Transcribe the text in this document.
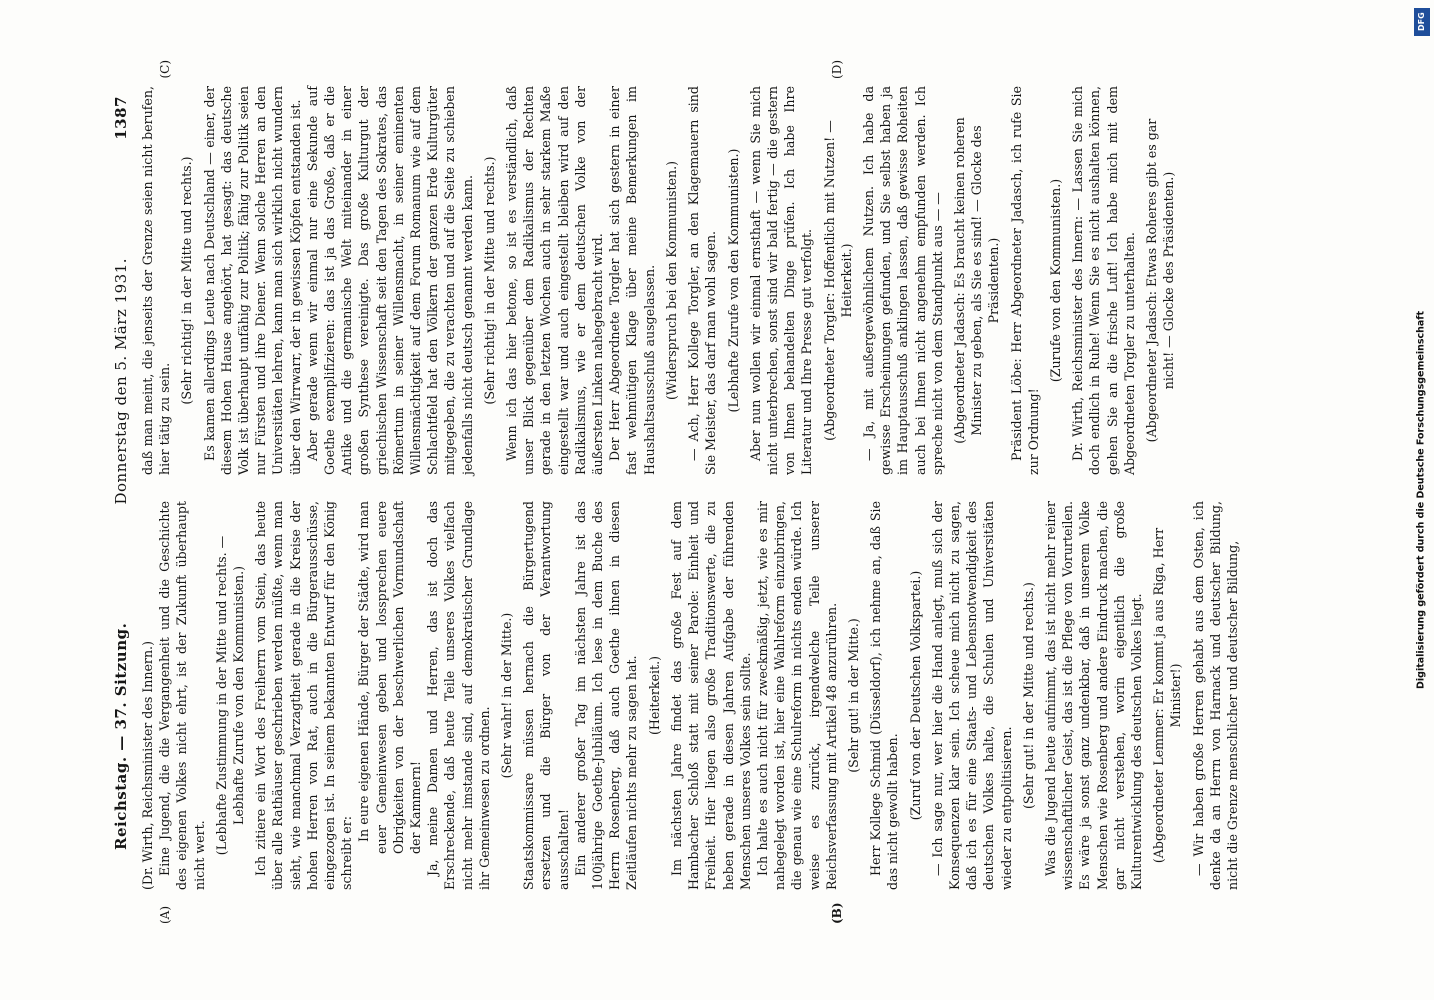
Reichstag. — 37. Sitzung.
Donnerstag den 5. März 1931.
1387
(A)	(B)

(Dr. Wirth, Reichsminister des Innern.) Eine Jugend, die die Vergangenheit und die Geschichte des eigenen Volkes nicht ehrt, ist der Zukunft überhaupt nicht wert. (Lebhafte Zustimmung in der Mitte und rechts. — Lebhafte Zurufe von den Kommunisten.) Ich zitiere ein Wort des Freiherrn vom Stein, das heute über alle Rathäuser geschrieben werden müßte, wenn man sieht, wie manchmal Verzagtheit gerade in die Kreise der hohen Herren von Rat, auch in die Bürgerausschüsse, eingezogen ist. In seinem bekannten Entwurf für den König schreibt er:

In eure eigenen Hände, Bürger der Städte, wird man euer Gemeinwesen geben und lossprechen euere Obrigkeiten von der beschwerlichen Vormundschaft der Kammern! Ja, meine Damen und Herren, das ist doch das Erschreckende, daß heute Teile unseres Volkes vielfach nicht mehr imstande sind, auf demokratischer Grundlage ihr Gemeinwesen zu ordnen.

(Sehr wahr! in der Mitte.) Staatskommissare müssen hernach die Bürgertugend ersetzen und die Bürger von der Verantwortung ausschalten! Ein anderer großer Tag im nächsten Jahre ist das 100jährige Goethe-Jubiläum. Ich lese in dem Buche des Herrn Rosenberg, daß auch Goethe ihnen in diesen Zeitläufen nichts mehr zu sagen hat. (Heiterkeit.) Im nächsten Jahre findet das große Fest auf dem Hambacher Schloß statt mit seiner Parole: Einheit und Freiheit. Hier liegen also große Traditionswerte, die zu heben gerade in diesen Jahren Aufgabe der führenden Menschen unseres Volkes sein sollte. Ich halte es auch nicht für zweckmäßig, jetzt, wie es mir nahegelegt worden ist, hier eine Wahlreform einzubringen, die genau wie eine Schulreform in nichts enden würde. Ich weise es zurück, irgendwelche Teile unserer Reichsverfassung mit Artikel 48 anzurühren. (Sehr gut! in der Mitte.) Herr Kollege Schmid (Düsseldorf), ich nehme an, daß Sie das nicht gewollt haben. (Zuruf von der Deutschen Volkspartei.) — Ich sage nur, wer hier die Hand anlegt, muß sich der Konsequenzen klar sein. Ich scheue mich nicht zu sagen, daß ich es für eine Staats- und Lebensnotwendigkeit des deutschen Volkes halte, die Schulen und Universitäten wieder zu entpolitisieren. (Sehr gut! in der Mitte und rechts.) Was die Jugend heute aufnimmt, das ist nicht mehr reiner wissenschaftlicher Geist, das ist die Pflege von Vorurteilen. Es wäre ja sonst ganz undenkbar, daß in unserem Volke Menschen wie Rosenberg und andere Eindruck machen, die gar nicht verstehen, worin eigentlich die große Kulturentwicklung des deutschen Volkes liegt. (Abgeordneter Lemmer: Er kommt ja aus Riga, Herr Minister!) — Wir haben große Herren gehabt aus dem Osten, ich denke da an Herrn von Harnack und deutscher Bildung, nicht die Grenze menschlicher und deutscher Bildung,

(C)	(D)

daß man meint, die jenseits der Grenze seien nicht berufen, hier tätig zu sein.

(Sehr richtig! in der Mitte und rechts.) Es kamen allerdings Leute nach Deutschland — einer, der diesem Hohen Hause angehört, hat gesagt: das deutsche Volk ist überhaupt unfähig zur Politik; fähig zur Politik seien nur Fürsten und ihre Diener. Wenn solche Herren an den Universitäten lehren, kann man sich wirklich nicht wundern über den Wirrwarr, der in gewissen Köpfen entstanden ist. Aber gerade wenn wir einmal nur eine Sekunde auf Goethe exemplifizieren: das ist ja das Große, daß er die Antike und die germanische Welt miteinander in einer großen Synthese vereinigte. Das große Kulturgut der griechischen Wissenschaft seit den Tagen des Sokrates, das Römertum in seiner Willensmacht, in seiner eminenten Willensmächtigkeit auf dem Forum Romanum wie auf dem Schlachtfeld hat den Völkern der ganzen Erde Kulturgüter mitgegeben, die zu verachten und auf die Seite zu schieben jedenfalls nicht deutsch genannt werden kann. (Sehr richtig! in der Mitte und rechts.) Wenn ich das hier betone, so ist es verständlich, daß unser Blick gegenüber dem Radikalismus der Rechten gerade in den letzten Wochen auch in sehr starkem Maße eingestellt war und auch eingestellt bleiben wird auf den Radikalismus, wie er dem deutschen Volke von der äußersten Linken nahegebracht wird. Der Herr Abgeordnete Torgler hat sich gestern in einer fast wehmütigen Klage über meine Bemerkungen im Haushaltsausschuß ausgelassen. (Widerspruch bei den Kommunisten.) — Ach, Herr Kollege Torgler, an den Klagemauern sind Sie Meister, das darf man wohl sagen. (Lebhafte Zurufe von den Kommunisten.) Aber nun wollen wir einmal ernsthaft — wenn Sie mich nicht unterbrechen, sonst sind wir bald fertig — die gestern von Ihnen behandelten Dinge prüfen. Ich habe Ihre Literatur und Ihre Presse gut verfolgt. (Abgeordneter Torgler: Hoffentlich mit Nutzen! — Heiterkeit.) — Ja, mit außergewöhnlichem Nutzen. Ich habe da gewisse Erscheinungen gefunden, und Sie selbst haben ja im Hauptausschuß anklingen lassen, daß gewisse Roheiten auch bei Ihnen nicht angenehm empfunden werden. Ich spreche nicht von dem Standpunkt aus — — (Abgeordneter Jadasch: Es braucht keinen roheren Minister zu geben, als Sie es sind! — Glocke des Präsidenten.) Präsident Löbe: Herr Abgeordneter Jadasch, ich rufe Sie zur Ordnung!

(Zurufe von den Kommunisten.) Dr. Wirth, Reichsminister des Innern: — Lassen Sie mich doch endlich in Ruhe! Wenn Sie es nicht aushalten können, gehen Sie an die frische Luft! Ich habe mich mit dem Abgeordneten Torgler zu unterhalten. (Abgeordneter Jadasch: Etwas Roheres gibt es gar nicht! — Glocke des Präsidenten.)

DFG
Digitalisierung gefördert durch die Deutsche Forschungsgemeinschaft
